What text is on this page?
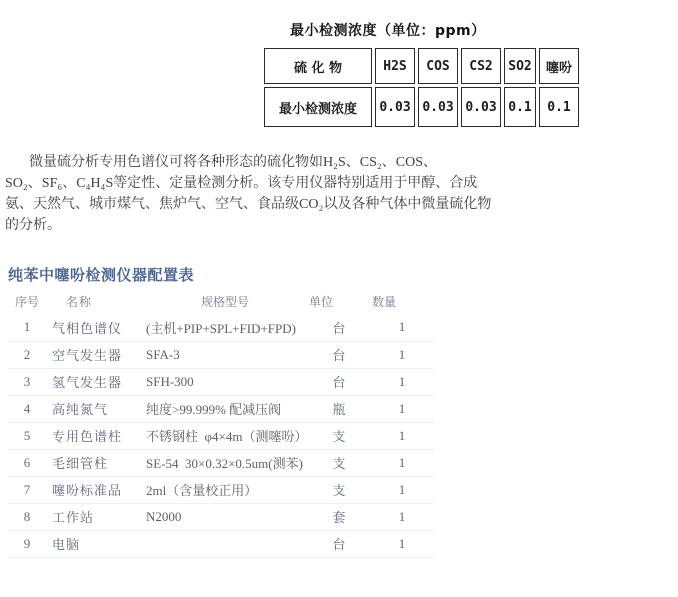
最小检测浓度（单位：ppm）
硫 化 物	H2S	COS	CS2	SO2	噻吩
最小检测浓度	0.03	0.03	0.03	0.1	0.1
微量硫分析专用色谱仪可将各种形态的硫化物如H₂S、CS₂、COS、
SO₂、SF₆、C₄H₄S等定性、定量检测分析。该专用仪器特别适用于甲醇、合成
氨、天然气、城市煤气、焦炉气、空气、食品级CO₂以及各种气体中微量硫化物
的分析。
纯苯中噻吩检测仪器配置表
序号	名称	规格型号	单位	数量
1	气相色谱仪	(主机+PIP+SPL+FID+FPD)	台	1
2	空气发生器	SFA-3	台	1
3	氢气发生器	SFH-300	台	1
4	高纯氮气	纯度>99.999% 配减压阀	瓶	1
5	专用色谱柱	不锈钢柱  φ4×4m（测噻吩）	支	1
6	毛细管柱	SE-54  30×0.32×0.5um(测苯)	支	1
7	噻吩标准品	2ml（含量校正用）	支	1
8	工作站	N2000	套	1
9	电脑		台	1
